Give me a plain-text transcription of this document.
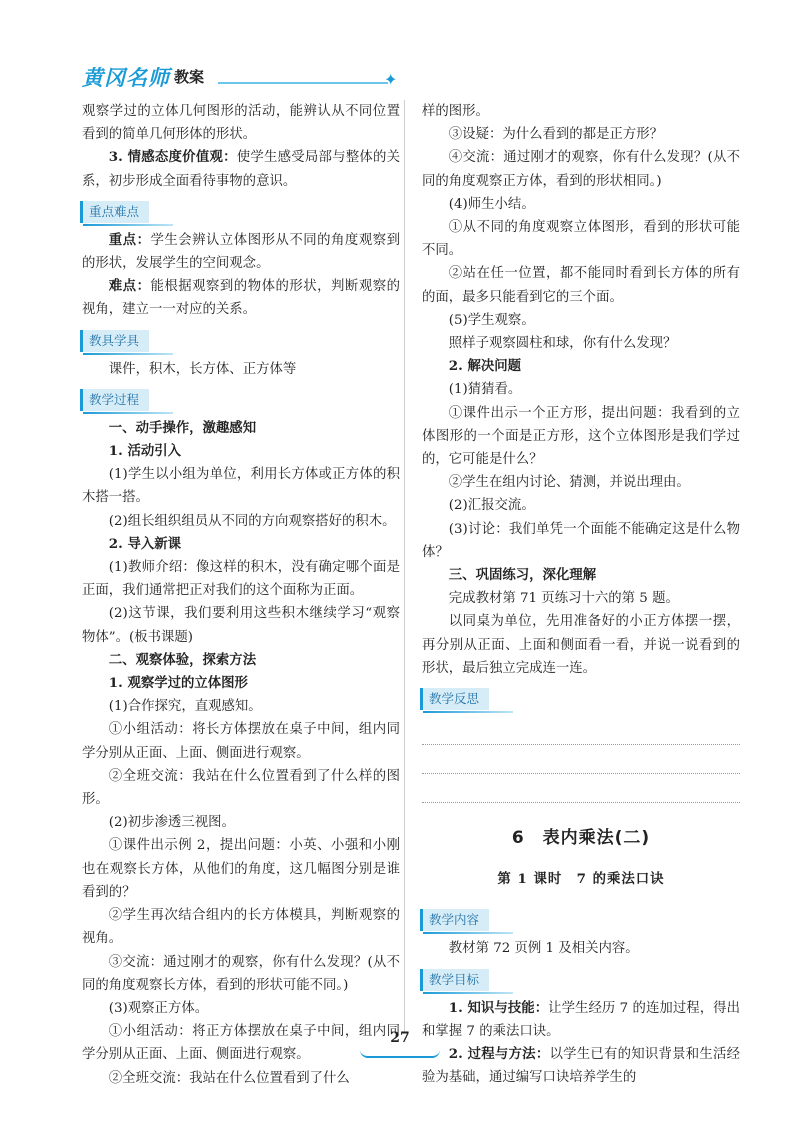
黄冈名师 教案	✦

观察学过的立体几何图形的活动，能辨认从不同位置看到的简单几何形体的形状。

3. 情感态度价值观：使学生感受局部与整体的关系，初步形成全面看待事物的意识。

重点难点

重点：学生会辨认立体图形从不同的角度观察到的形状，发展学生的空间观念。

难点：能根据观察到的物体的形状，判断观察的视角，建立一一对应的关系。

教具学具

课件，积木，长方体、正方体等

教学过程

一、动手操作，激趣感知

1. 活动引入

(1)学生以小组为单位，利用长方体或正方体的积木搭一搭。

(2)组长组织组员从不同的方向观察搭好的积木。

2. 导入新课

(1)教师介绍：像这样的积木，没有确定哪个面是正面，我们通常把正对我们的这个面称为正面。

(2)这节课，我们要利用这些积木继续学习“观察物体”。(板书课题)

二、观察体验，探索方法

1. 观察学过的立体图形

(1)合作探究，直观感知。

①小组活动：将长方体摆放在桌子中间，组内同学分别从正面、上面、侧面进行观察。

②全班交流：我站在什么位置看到了什么样的图形。

(2)初步渗透三视图。

①课件出示例 2，提出问题：小英、小强和小刚也在观察长方体，从他们的角度，这几幅图分别是谁看到的？

②学生再次结合组内的长方体模具，判断观察的视角。

③交流：通过刚才的观察，你有什么发现？(从不同的角度观察长方体，看到的形状可能不同。)

(3)观察正方体。

①小组活动：将正方体摆放在桌子中间，组内同学分别从正面、上面、侧面进行观察。

②全班交流：我站在什么位置看到了什么

样的图形。

③设疑：为什么看到的都是正方形？

④交流：通过刚才的观察，你有什么发现？(从不同的角度观察正方体，看到的形状相同。)

(4)师生小结。

①从不同的角度观察立体图形，看到的形状可能不同。

②站在任一位置，都不能同时看到长方体的所有的面，最多只能看到它的三个面。

(5)学生观察。

照样子观察圆柱和球，你有什么发现？

2. 解决问题

(1)猜猜看。

①课件出示一个正方形，提出问题：我看到的立体图形的一个面是正方形，这个立体图形是我们学过的，它可能是什么？

②学生在组内讨论、猜测，并说出理由。

(2)汇报交流。

(3)讨论：我们单凭一个面能不能确定这是什么物体？

三、巩固练习，深化理解

完成教材第 71 页练习十六的第 5 题。

以同桌为单位，先用准备好的小正方体摆一摆，再分别从正面、上面和侧面看一看，并说一说看到的形状，最后独立完成连一连。

教学反思
6　表内乘法(二)
第 1 课时　7 的乘法口诀
教学内容

教材第 72 页例 1 及相关内容。

教学目标

1. 知识与技能：让学生经历 7 的连加过程，得出和掌握 7 的乘法口诀。

2. 过程与方法：以学生已有的知识背景和生活经验为基础，通过编写口诀培养学生的

27
